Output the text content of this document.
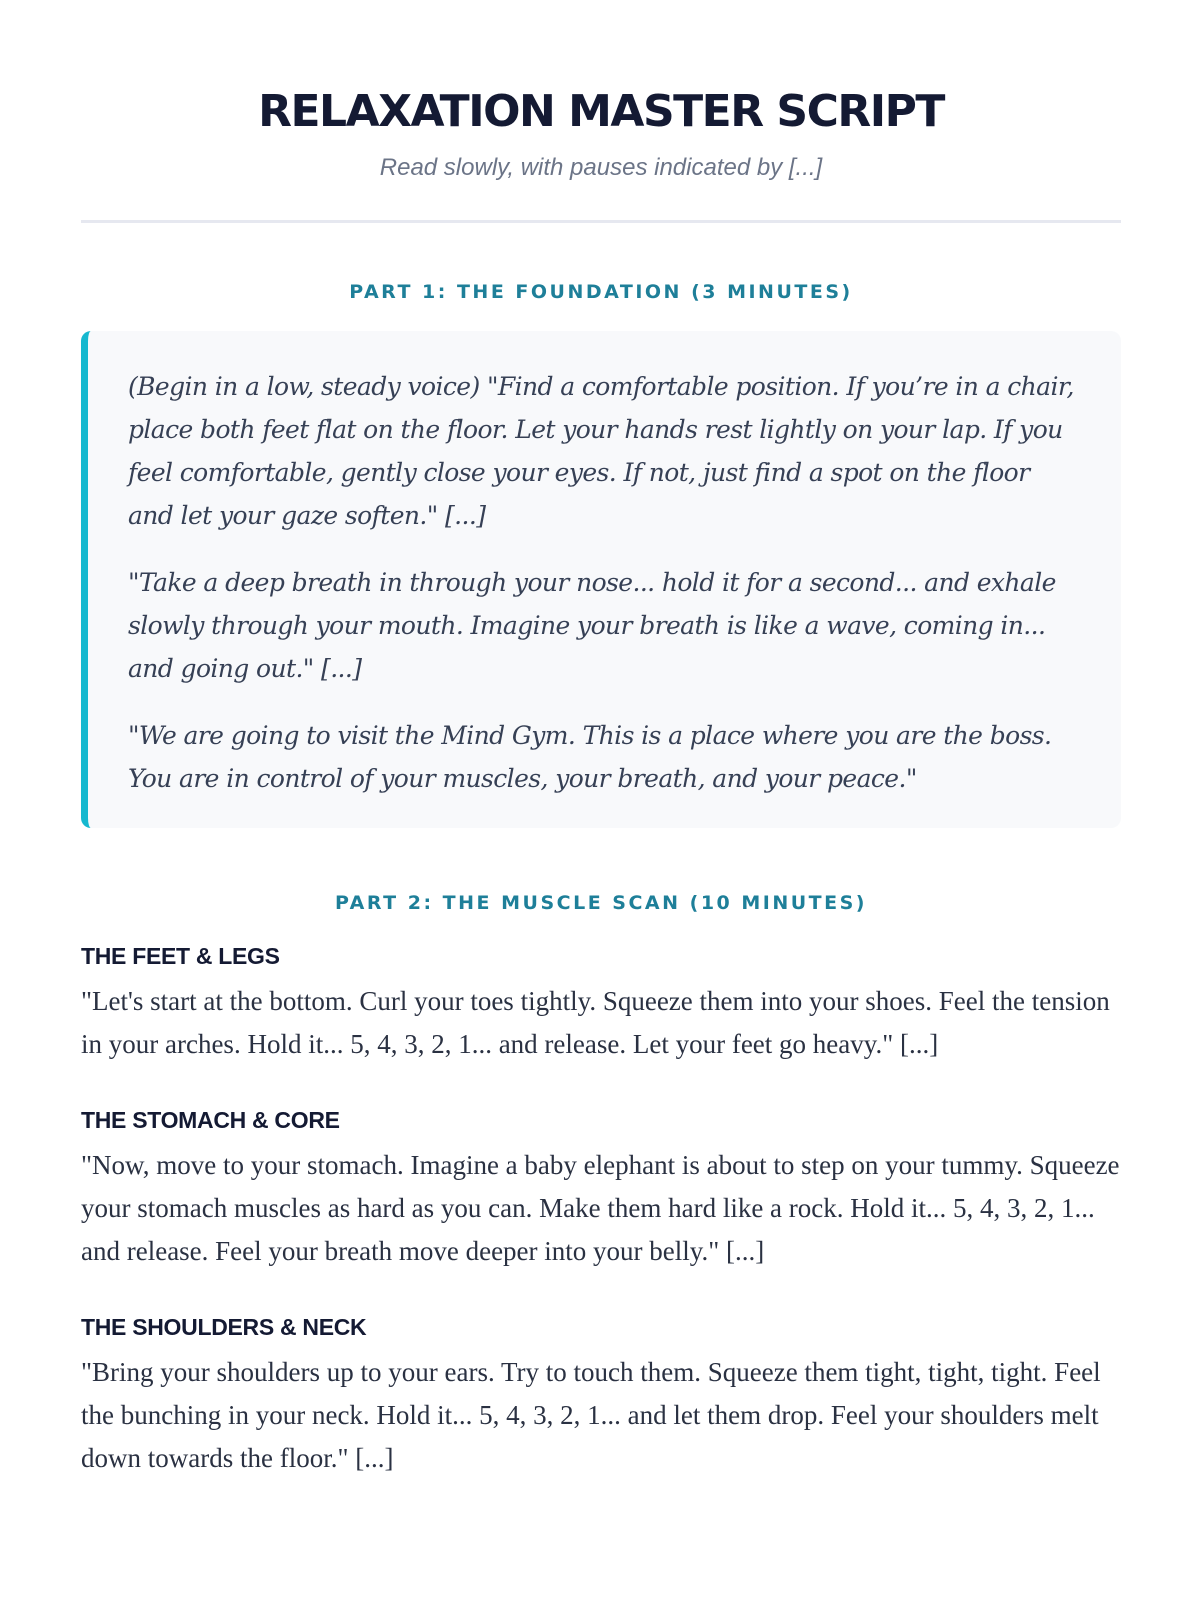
RELAXATION MASTER SCRIPT
Read slowly, with pauses indicated by [...]
PART 1: THE FOUNDATION (3 MINUTES)

(Begin in a low, steady voice) "Find a comfortable position. If you’re in a chair, place both feet flat on the floor. Let your hands rest lightly on your lap. If you feel comfortable, gently close your eyes. If not, just find a spot on the floor and let your gaze soften." [...]

"Take a deep breath in through your nose... hold it for a second... and exhale slowly through your mouth. Imagine your breath is like a wave, coming in... and going out." [...]

"We are going to visit the Mind Gym. This is a place where you are the boss. You are in control of your muscles, your breath, and your peace."

PART 2: THE MUSCLE SCAN (10 MINUTES)
THE FEET & LEGS

"Let's start at the bottom. Curl your toes tightly. Squeeze them into your shoes. Feel the tension in your arches. Hold it... 5, 4, 3, 2, 1... and release. Let your feet go heavy." [...]

THE STOMACH & CORE

"Now, move to your stomach. Imagine a baby elephant is about to step on your tummy. Squeeze your stomach muscles as hard as you can. Make them hard like a rock. Hold it... 5, 4, 3, 2, 1... and release. Feel your breath move deeper into your belly." [...]

THE SHOULDERS & NECK

"Bring your shoulders up to your ears. Try to touch them. Squeeze them tight, tight, tight. Feel the bunching in your neck. Hold it... 5, 4, 3, 2, 1... and let them drop. Feel your shoulders melt down towards the floor." [...]
